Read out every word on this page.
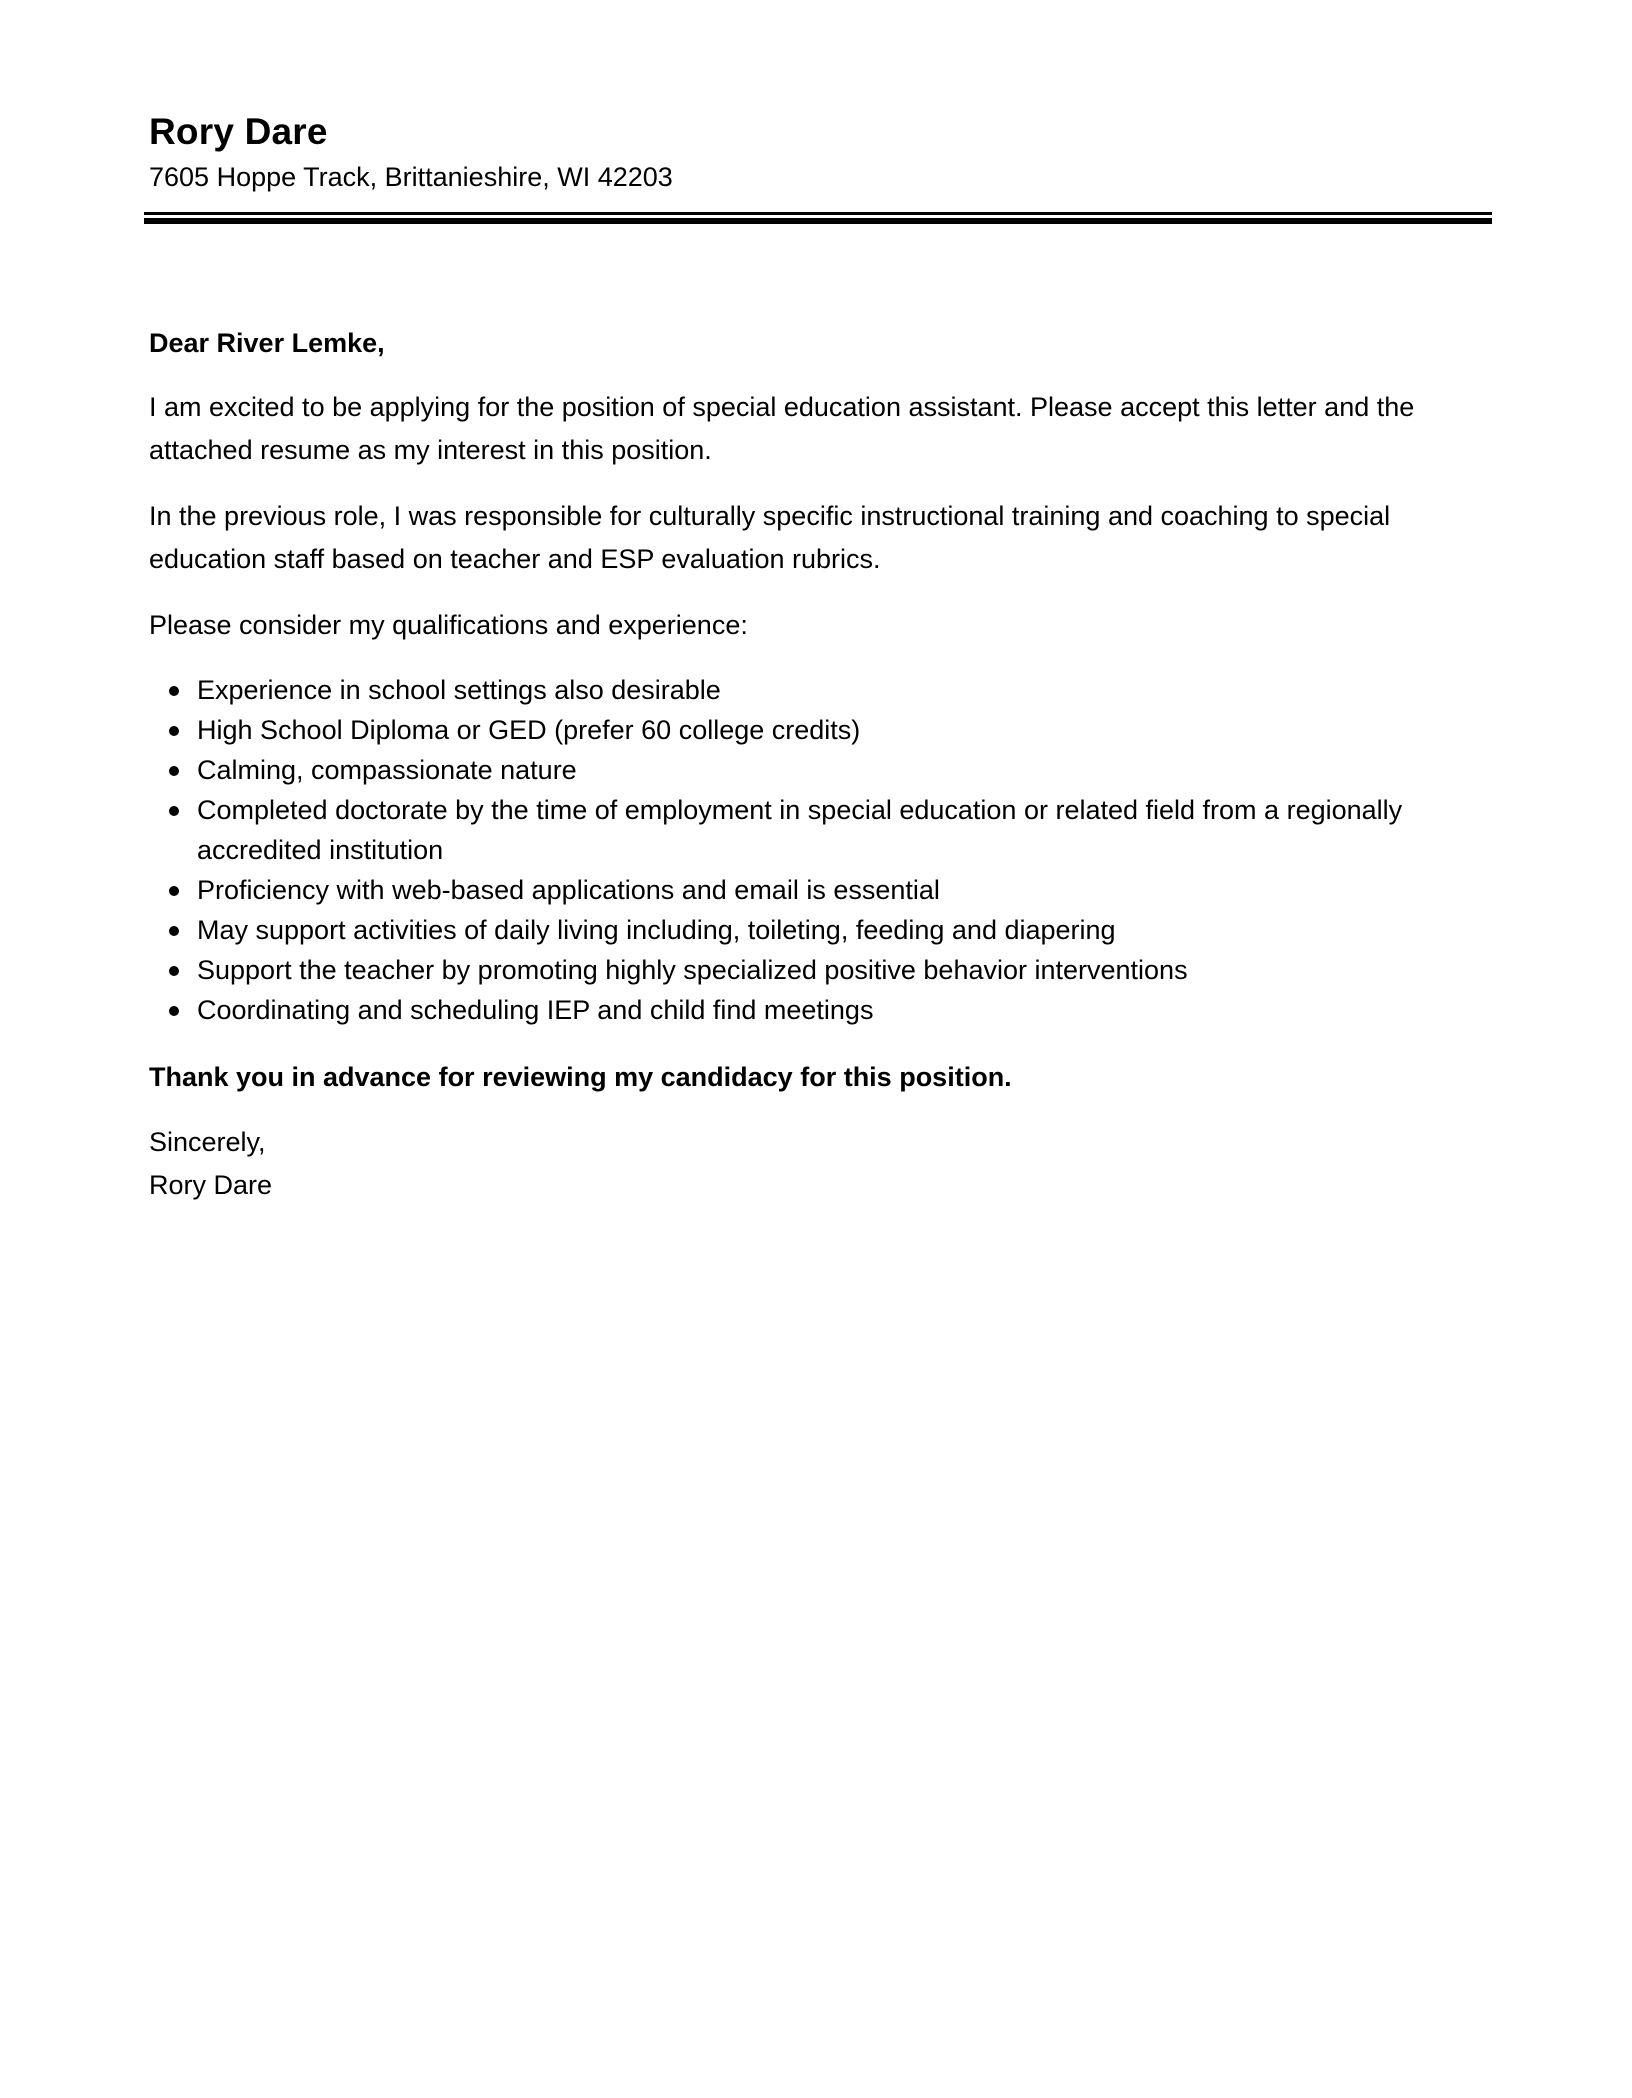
Rory Dare

7605 Hoppe Track, Brittanieshire, WI 42203

Dear River Lemke,

I am excited to be applying for the position of special education assistant. Please accept this letter and the attached resume as my interest in this position.

In the previous role, I was responsible for culturally specific instructional training and coaching to special education staff based on teacher and ESP evaluation rubrics.

Please consider my qualifications and experience:

Experience in school settings also desirable
High School Diploma or GED (prefer 60 college credits)
Calming, compassionate nature
Completed doctorate by the time of employment in special education or related field from a regionally accredited institution
Proficiency with web-based applications and email is essential
May support activities of daily living including, toileting, feeding and diapering
Support the teacher by promoting highly specialized positive behavior interventions
Coordinating and scheduling IEP and child find meetings

Thank you in advance for reviewing my candidacy for this position.

Sincerely,

Rory Dare
